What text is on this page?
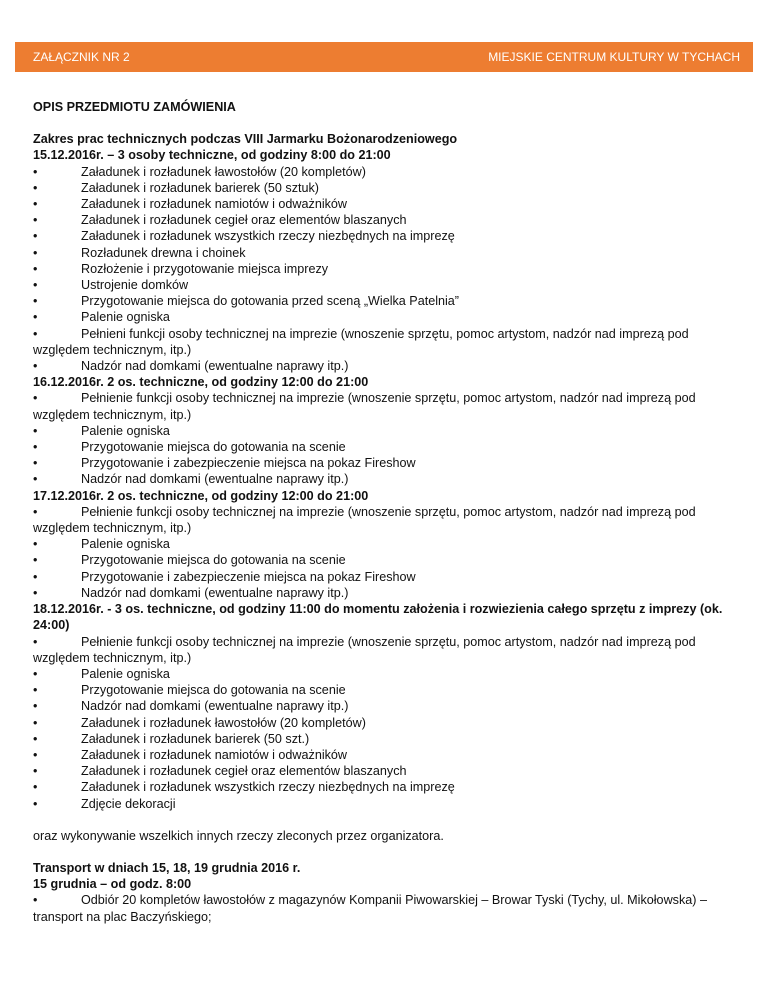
ZAŁĄCZNIK NR 2	MIEJSKIE CENTRUM KULTURY W TYCHACH

OPIS PRZEDMIOTU ZAMÓWIENIA

Zakres prac technicznych podczas VIII Jarmarku Bożonarodzeniowego

15.12.2016r. – 3 osoby techniczne, od godziny 8:00 do 21:00

•	Załadunek i rozładunek ławostołów (20 kompletów)

•	Załadunek i rozładunek barierek (50 sztuk)

•	Załadunek i rozładunek namiotów i odważników

•	Załadunek i rozładunek cegieł oraz elementów blaszanych

•	Załadunek i rozładunek wszystkich rzeczy niezbędnych na imprezę

•	Rozładunek drewna i choinek

•	Rozłożenie i przygotowanie miejsca imprezy

•	Ustrojenie domków

•	Przygotowanie miejsca do gotowania przed sceną „Wielka Patelnia”

•	Palenie ogniska

•	Pełnieni funkcji osoby technicznej na imprezie (wnoszenie sprzętu, pomoc artystom, nadzór nad imprezą pod względem technicznym, itp.)

•	Nadzór nad domkami (ewentualne naprawy itp.)

16.12.2016r. 2 os. techniczne, od godziny 12:00 do 21:00

•	Pełnienie funkcji osoby technicznej na imprezie (wnoszenie sprzętu, pomoc artystom, nadzór nad imprezą pod względem technicznym, itp.)

•	Palenie ogniska

•	Przygotowanie miejsca do gotowania na scenie

•	Przygotowanie i zabezpieczenie miejsca na pokaz Fireshow

•	Nadzór nad domkami (ewentualne naprawy itp.)

17.12.2016r. 2 os. techniczne, od godziny 12:00 do 21:00

•	Pełnienie funkcji osoby technicznej na imprezie (wnoszenie sprzętu, pomoc artystom, nadzór nad imprezą pod względem technicznym, itp.)

•	Palenie ogniska

•	Przygotowanie miejsca do gotowania na scenie

•	Przygotowanie i zabezpieczenie miejsca na pokaz Fireshow

•	Nadzór nad domkami (ewentualne naprawy itp.)

18.12.2016r. - 3 os. techniczne, od godziny 11:00 do momentu założenia i rozwiezienia całego sprzętu z imprezy (ok. 24:00)

•	Pełnienie funkcji osoby technicznej na imprezie (wnoszenie sprzętu, pomoc artystom, nadzór nad imprezą pod względem technicznym, itp.)

•	Palenie ogniska

•	Przygotowanie miejsca do gotowania na scenie

•	Nadzór nad domkami (ewentualne naprawy itp.)

•	Załadunek i rozładunek ławostołów (20 kompletów)

•	Załadunek i rozładunek barierek (50 szt.)

•	Załadunek i rozładunek namiotów i odważników

•	Załadunek i rozładunek cegieł oraz elementów blaszanych

•	Załadunek i rozładunek wszystkich rzeczy niezbędnych na imprezę

•	Zdjęcie dekoracji

oraz wykonywanie wszelkich innych rzeczy zleconych przez organizatora.

Transport w dniach 15, 18, 19 grudnia 2016 r.

15 grudnia – od godz. 8:00

•	Odbiór 20 kompletów ławostołów z magazynów Kompanii Piwowarskiej – Browar Tyski (Tychy, ul. Mikołowska) – transport na plac Baczyńskiego;
